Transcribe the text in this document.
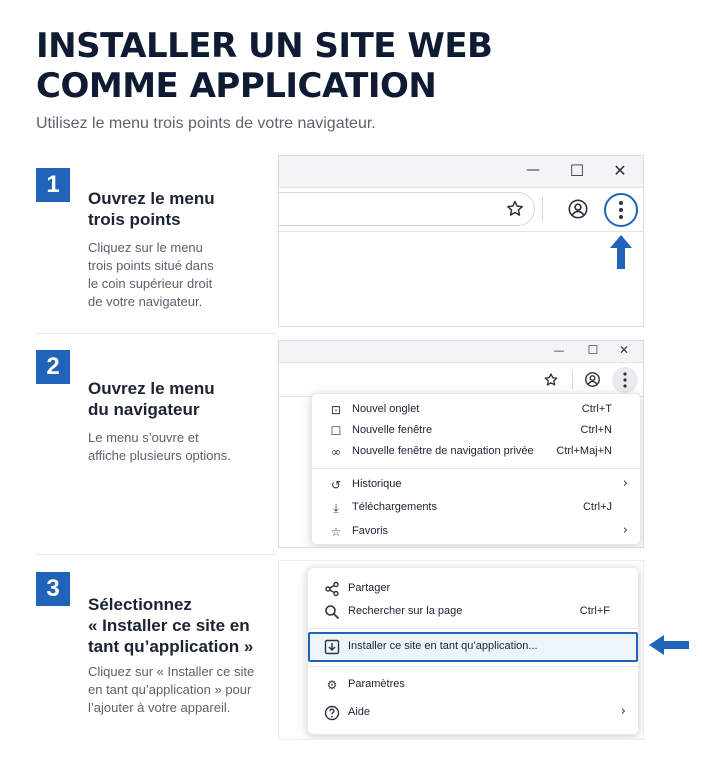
INSTALLER UN SITE WEB
COMME APPLICATION
Utilisez le menu trois points de votre navigateur.
1
Ouvrez le menu
trois points
Cliquez sur le menu
trois points situé dans
le coin supérieur droit
de votre navigateur.
— ☐ ✕
2
Ouvrez le menu
du navigateur
Le menu s’ouvre et
affiche plusieurs options.
— ☐ ✕
⊡ Nouvel onglet	Ctrl+T
☐ Nouvelle fenêtre	Ctrl+N
∞ Nouvelle fenêtre de navigation privée Ctrl+Maj+N
↺ Historique	›
⤓	Téléchargements	Ctrl+J
☆ Favoris	›
3
Sélectionnez
« Installer ce site en
tant qu’application »
Cliquez sur « Installer ce site
en tant qu’application » pour
l’ajouter à votre appareil.
Partager
Rechercher sur la page	Ctrl+F
Installer ce site en tant qu’application...
⚙ Paramètres
Aide	›
